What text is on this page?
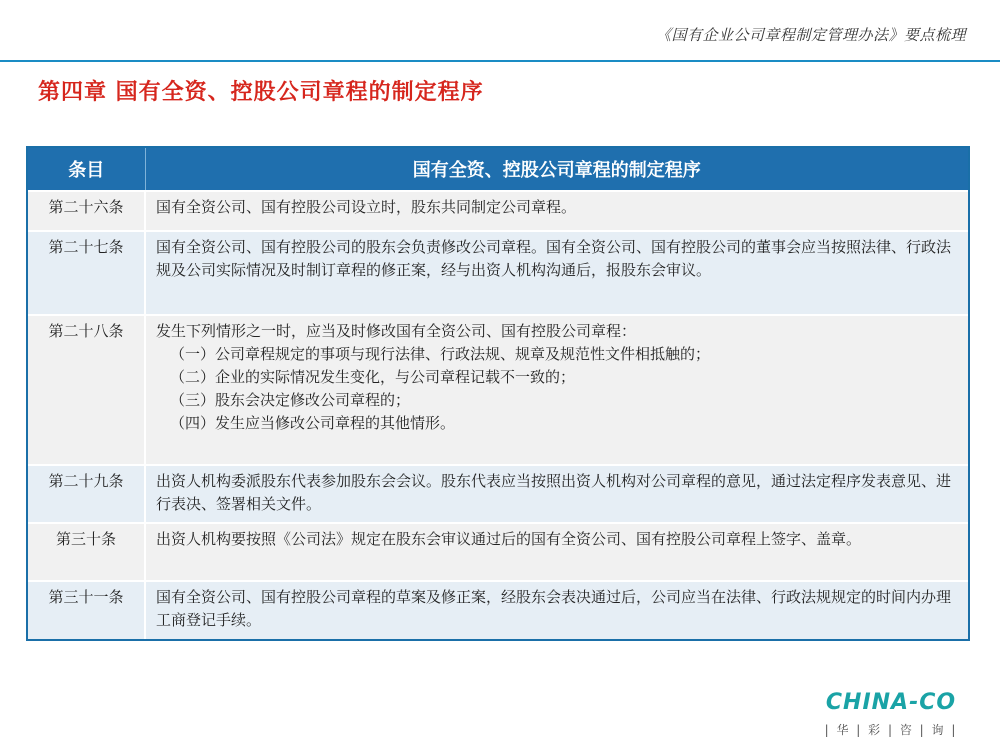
《国有企业公司章程制定管理办法》要点梳理
第四章 国有全资、控股公司章程的制定程序
条目	国有全资、控股公司章程的制定程序
第二十六条	国有全资公司、国有控股公司设立时，股东共同制定公司章程。
第二十七条	国有全资公司、国有控股公司的股东会负责修改公司章程。国有全资公司、国有控股公司的董事会应当按照法律、行政法规及公司实际情况及时制订章程的修正案，经与出资人机构沟通后，报股东会审议。
第二十八条	发生下列情形之一时，应当及时修改国有全资公司、国有控股公司章程：
（一）公司章程规定的事项与现行法律、行政法规、规章及规范性文件相抵触的；
（二）企业的实际情况发生变化，与公司章程记载不一致的；
（三）股东会决定修改公司章程的；
（四）发生应当修改公司章程的其他情形。

第二十九条	出资人机构委派股东代表参加股东会会议。股东代表应当按照出资人机构对公司章程的意见，通过法定程序发表意见、进行表决、签署相关文件。
第三十条	出资人机构要按照《公司法》规定在股东会审议通过后的国有全资公司、国有控股公司章程上签字、盖章。
第三十一条	国有全资公司、国有控股公司章程的草案及修正案，经股东会表决通过后，公司应当在法律、行政法规规定的时间内办理工商登记手续。
CHINA-CO
| 华 | 彩 | 咨 | 询 |
